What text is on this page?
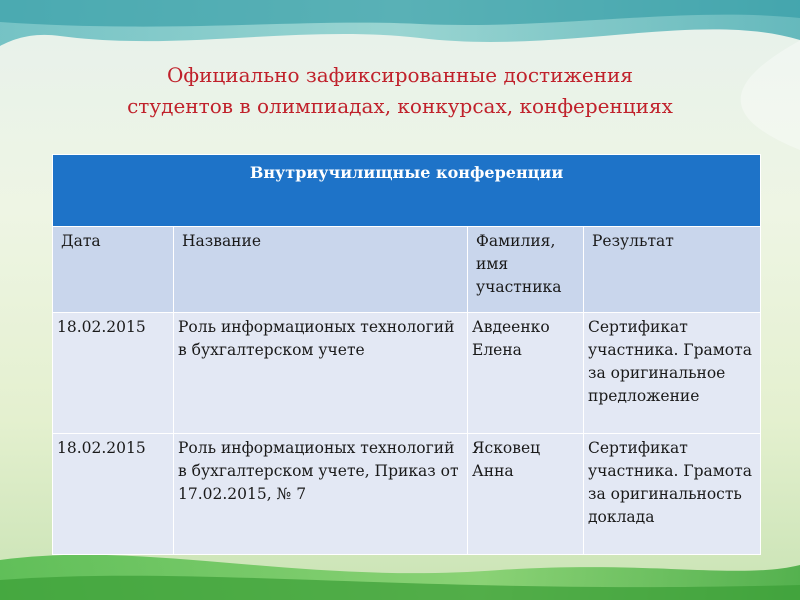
Официально зафиксированные достижения
студентов в олимпиадах, конкурсах, конференциях
Внутриучилищные конференции			
Дата	Название	Фамилия, имя участника	Результат
18.02.2015	Роль информационых технологий в бухгалтерском учете	Авдеенко Елена	Сертификат участника. Грамота за оригинальное предложение
18.02.2015	Роль информационых технологий в бухгалтерском учете, Приказ от 17.02.2015, № 7	Ясковец Анна	Сертификат участника. Грамота за оригинальность доклада
